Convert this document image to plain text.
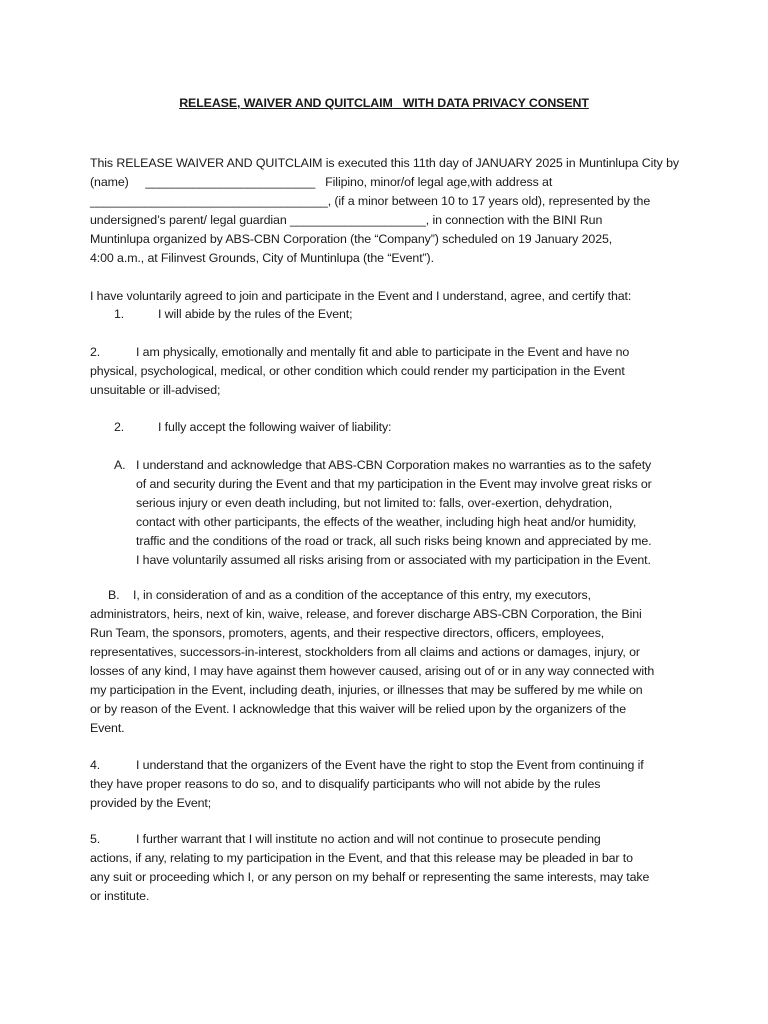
RELEASE, WAIVER AND QUITCLAIM   WITH DATA PRIVACY CONSENT
This RELEASE WAIVER AND QUITCLAIM is executed this 11th day of JANUARY 2025 in Muntinlupa City by
(name)     _________________________   Filipino, minor/of legal age,with address at
___________________________________, (if a minor between 10 to 17 years old), represented by the
undersigned’s parent/ legal guardian ____________________, in connection with the BINI Run
Muntinlupa organized by ABS-CBN Corporation (the “Company”) scheduled on 19 January 2025,
4:00 a.m., at Filinvest Grounds, City of Muntinlupa (the “Event”).
I have voluntarily agreed to join and participate in the Event and I understand, agree, and certify that:
1.	I will abide by the rules of the Event;
2.	I am physically, emotionally and mentally fit and able to participate in the Event and have no
physical, psychological, medical, or other condition which could render my participation in the Event
unsuitable or ill-advised;
2.	I fully accept the following waiver of liability:
A. I understand and acknowledge that ABS-CBN Corporation makes no warranties as to the safety
of and security during the Event and that my participation in the Event may involve great risks or
serious injury or even death including, but not limited to: falls, over-exertion, dehydration,
contact with other participants, the effects of the weather, including high heat and/or humidity,
traffic and the conditions of the road or track, all such risks being known and appreciated by me.
I have voluntarily assumed all risks arising from or associated with my participation in the Event.
B. I, in consideration of and as a condition of the acceptance of this entry, my executors,
administrators, heirs, next of kin, waive, release, and forever discharge ABS-CBN Corporation, the Bini
Run Team, the sponsors, promoters, agents, and their respective directors, officers, employees,
representatives, successors-in-interest, stockholders from all claims and actions or damages, injury, or
losses of any kind, I may have against them however caused, arising out of or in any way connected with
my participation in the Event, including death, injuries, or illnesses that may be suffered by me while on
or by reason of the Event. I acknowledge that this waiver will be relied upon by the organizers of the
Event.
4.	I understand that the organizers of the Event have the right to stop the Event from continuing if
they have proper reasons to do so, and to disqualify participants who will not abide by the rules
provided by the Event;
5.	I further warrant that I will institute no action and will not continue to prosecute pending
actions, if any, relating to my participation in the Event, and that this release may be pleaded in bar to
any suit or proceeding which I, or any person on my behalf or representing the same interests, may take
or institute.
